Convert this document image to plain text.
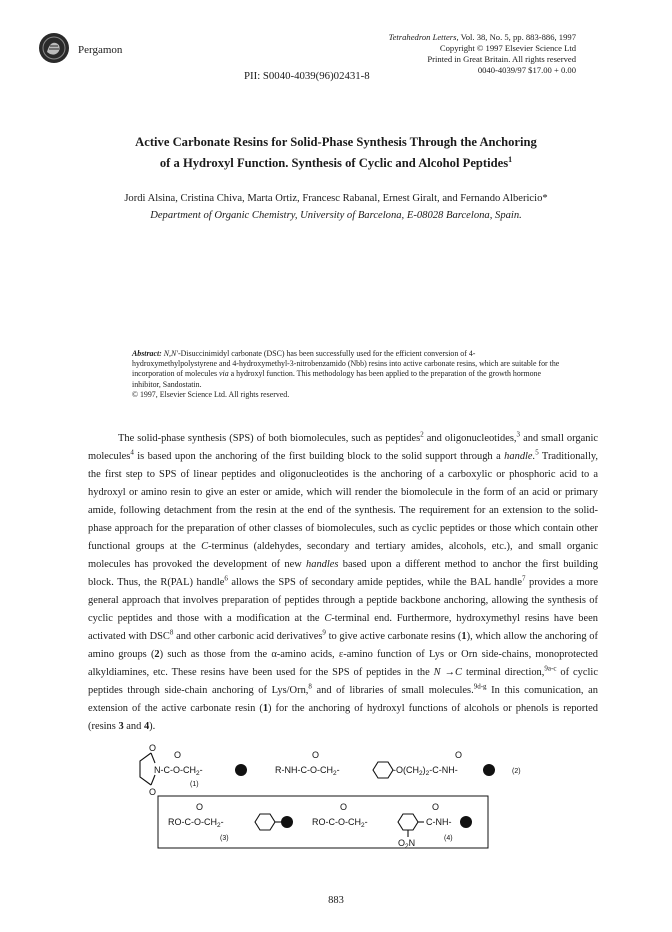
Pergamon
Tetrahedron Letters, Vol. 38, No. 5, pp. 883-886, 1997
Copyright © 1997 Elsevier Science Ltd
Printed in Great Britain. All rights reserved
0040-4039/97 $17.00 + 0.00
PII: S0040-4039(96)02431-8
Active Carbonate Resins for Solid-Phase Synthesis Through the Anchoring
of a Hydroxyl Function. Synthesis of Cyclic and Alcohol Peptides$^1$
Jordi Alsina, Cristina Chiva, Marta Ortiz, Francesc Rabanal, Ernest Giralt, and Fernando Albericio*
Department of Organic Chemistry, University of Barcelona, E-08028 Barcelona, Spain.
Abstract: N,N'-Disuccinimidyl carbonate (DSC) has been successfully used for the efficient conversion of 4-hydroxymethylpolystyrene and 4-hydroxymethyl-3-nitrobenzamido (Nbb) resins into active carbonate resins, which are suitable for the incorporation of molecules via a hydroxyl function. This methodology has been applied to the preparation of the growth hormone inhibitor, Sandostatin.
© 1997, Elsevier Science Ltd. All rights reserved.
The solid-phase synthesis (SPS) of both biomolecules, such as peptides$^2$ and oligonucleotides,$^3$ and small organic molecules$^4$ is based upon the anchoring of the first building block to the solid support through a handle.$^5$ Traditionally, the first step to SPS of linear peptides and oligonucleotides is the anchoring of a carboxylic or phosphoric acid to a hydroxyl or amino resin to give an ester or amide, which will render the biomolecule in the form of an acid or primary amide, following detachment from the resin at the end of the synthesis. The requirement for an extension to the solid-phase approach for the preparation of other classes of biomolecules, such as cyclic peptides or those which contain other functional groups at the C-terminus (aldehydes, secondary and tertiary amides, alcohols, etc.), and small organic molecules has provoked the development of new handles based upon a different method to anchor the first building block. Thus, the R(PAL) handle$^6$ allows the SPS of secondary amide peptides, while the BAL handle$^7$ provides a more general approach that involves preparation of peptides through a peptide backbone anchoring, allowing the synthesis of cyclic peptides and those with a modification at the C-terminal end. Furthermore, hydroxymethyl resins have been activated with DSC$^8$ and other carbonic acid derivatives$^9$ to give active carbonate resins (1), which allow the anchoring of amino groups (2) such as those from the α-amino acids, ε-amino function of Lys or Orn side-chains, monoprotected alkyldiamines, etc. These resins have been used for the SPS of peptides in the N →C terminal direction,$^{9a-c}$ of cyclic peptides through side-chain anchoring of Lys/Orn,$^8$ and of libraries of small molecules.$^{9d-g}$ In this comunication, an extension of the active carbonate resin (1) for the anchoring of hydroxyl functions of alcohols or phenols is reported (resins 3 and 4).
O
O
O
$N-C-O-CH_2-$
(1)
$R-NH-C-O-CH_2-$
O
$-O(CH_2)_2-C-NH-$
O
(2)
O
$RO-C-O-CH_2-$
(3)
O
$RO-C-O-CH_2-$
O
C-NH-
$O_2N$	(4)
883
